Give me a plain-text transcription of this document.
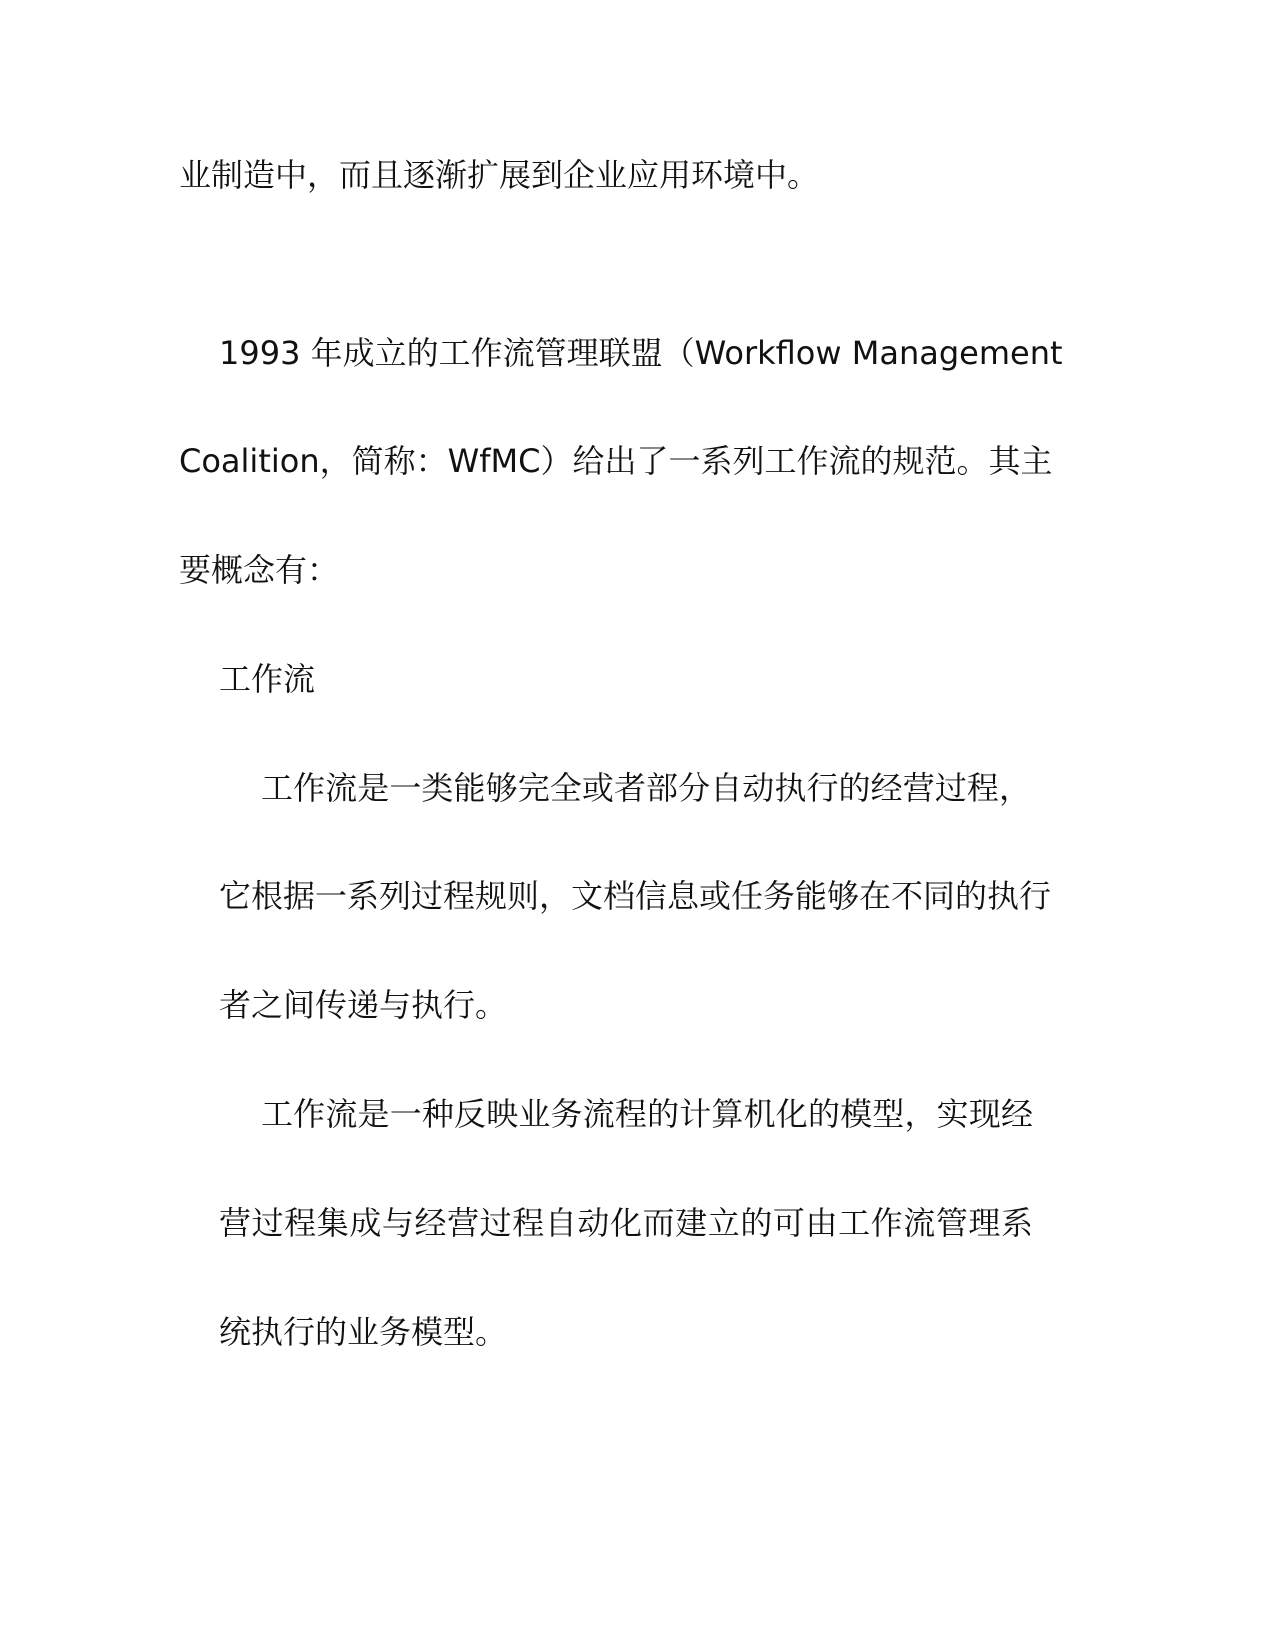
业制造中，而且逐渐扩展到企业应用环境中。

1993 年成立的工作流管理联盟（Workflow Management

Coalition，简称：WfMC）给出了一系列工作流的规范。其主

要概念有：

工作流

工作流是一类能够完全或者部分自动执行的经营过程，

它根据一系列过程规则，文档信息或任务能够在不同的执行

者之间传递与执行。

工作流是一种反映业务流程的计算机化的模型，实现经

营过程集成与经营过程自动化而建立的可由工作流管理系

统执行的业务模型。
